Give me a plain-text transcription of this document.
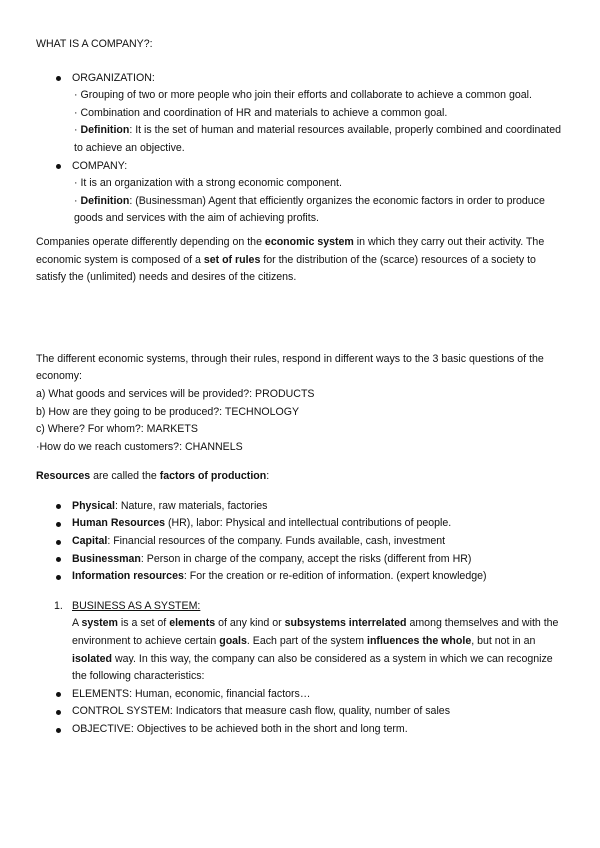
WHAT IS A COMPANY?:

ORGANIZATION:
· Grouping of two or more people who join their efforts and collaborate to achieve a common goal.
· Combination and coordination of HR and materials to achieve a common goal.
· Definition: It is the set of human and material resources available, properly combined and coordinated to achieve an objective.
COMPANY:
· It is an organization with a strong economic component.
· Definition: (Businessman) Agent that efficiently organizes the economic factors in order to produce goods and services with the aim of achieving profits.

Companies operate differently depending on the economic system in which they carry out their activity. The economic system is composed of a set of rules for the distribution of the (scarce) resources of a society to satisfy the (unlimited) needs and desires of the citizens.

The different economic systems, through their rules, respond in different ways to the 3 basic questions of the economy:

a) What goods and services will be provided?: PRODUCTS

b) How are they going to be produced?: TECHNOLOGY

c) Where? For whom?: MARKETS

·How do we reach customers?: CHANNELS

Resources are called the factors of production:

Physical: Nature, raw materials, factories
Human Resources (HR), labor: Physical and intellectual contributions of people.
Capital: Financial resources of the company. Funds available, cash, investment
Businessman: Person in charge of the company, accept the risks (different from HR)
Information resources: For the creation or re-edition of information. (expert knowledge)
1. BUSINESS AS A SYSTEM:
A system is a set of elements of any kind or subsystems interrelated among themselves and with the environment to achieve certain goals. Each part of the system influences the whole, but not in an isolated way. In this way, the company can also be considered as a system in which we can recognize the following characteristics:
ELEMENTS: Human, economic, financial factors…
CONTROL SYSTEM: Indicators that measure cash flow, quality, number of sales
OBJECTIVE: Objectives to be achieved both in the short and long term.
